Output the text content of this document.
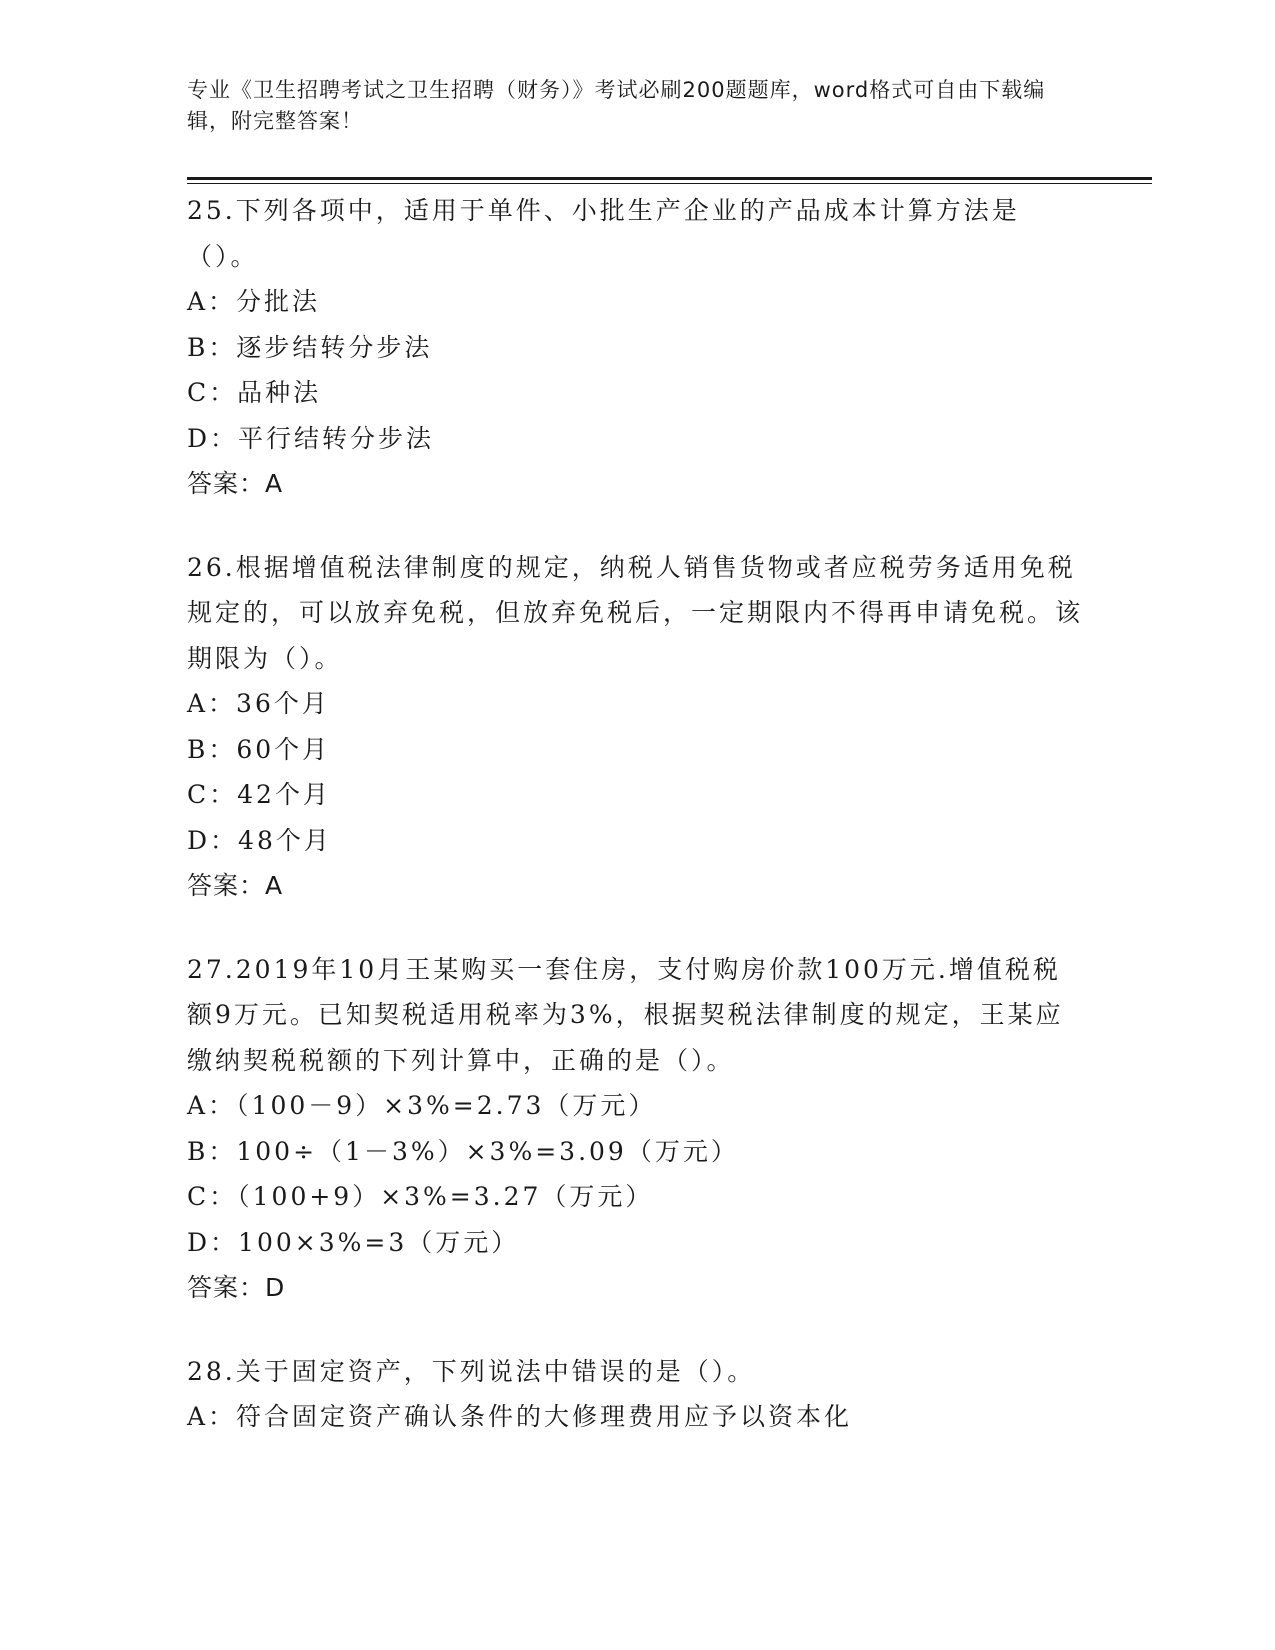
专业《卫生招聘考试之卫生招聘（财务）》考试必刷200题题库，word格式可自由下载编辑，附完整答案！

25.下列各项中，适用于单件、小批生产企业的产品成本计算方法是（）。

A：分批法

B：逐步结转分步法

C：品种法

D：平行结转分步法

答案：A

26.根据增值税法律制度的规定，纳税人销售货物或者应税劳务适用免税规定的，可以放弃免税，但放弃免税后，一定期限内不得再申请免税。该期限为（）。

A：36个月

B：60个月

C：42个月

D：48个月

答案：A

27.2019年10月王某购买一套住房，支付购房价款100万元.增值税税额9万元。已知契税适用税率为3%，根据契税法律制度的规定，王某应缴纳契税税额的下列计算中，正确的是（）。

A：（100－9）×3%=2.73（万元）

B：100÷（1－3%）×3%=3.09（万元）

C：（100+9）×3%=3.27（万元）

D：100×3%=3（万元）

答案：D

28.关于固定资产，下列说法中错误的是（）。

A：符合固定资产确认条件的大修理费用应予以资本化
